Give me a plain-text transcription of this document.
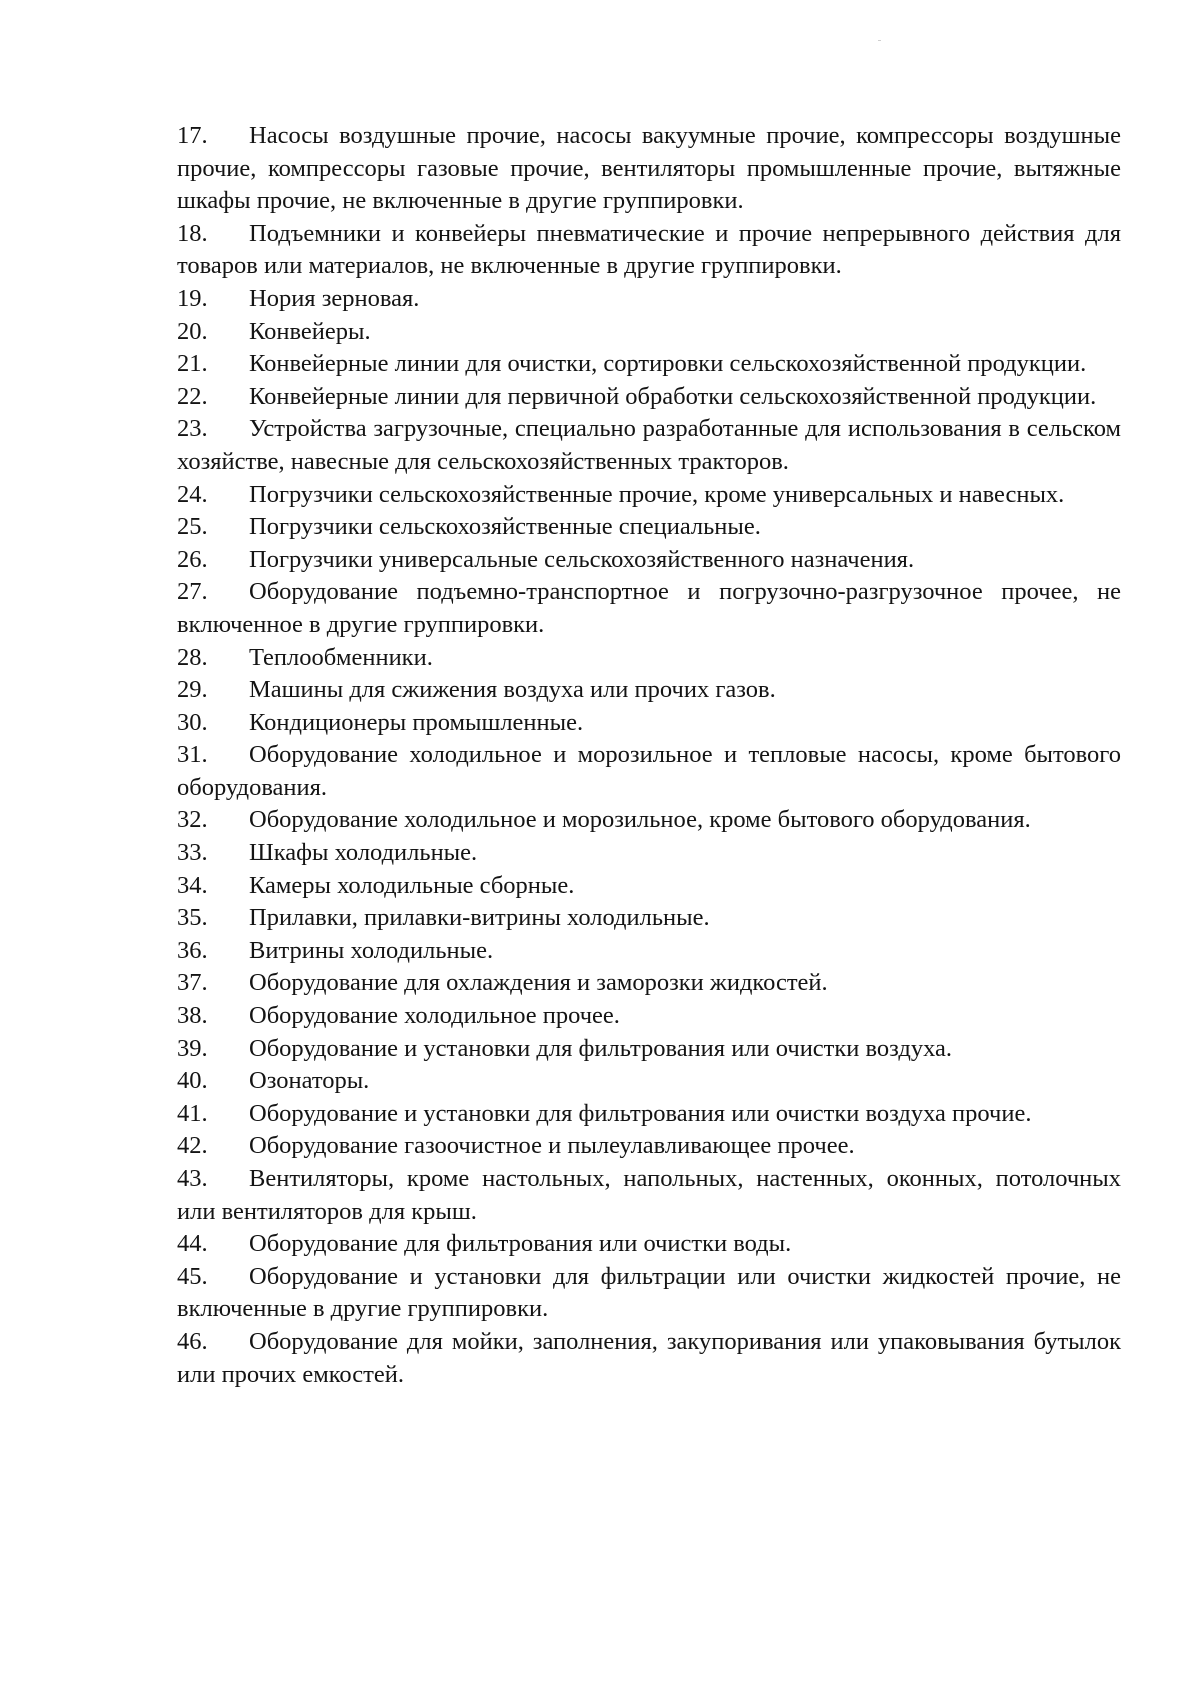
17. Насосы воздушные прочие, насосы вакуумные прочие, компрессоры воздушные прочие, компрессоры газовые прочие, вентиляторы промышленные прочие, вытяжные шкафы прочие, не включенные в другие группировки.

18. Подъемники и конвейеры пневматические и прочие непрерывного действия для товаров или материалов, не включенные в другие группировки.

19. Нория зерновая.

20. Конвейеры.

21. Конвейерные линии для очистки, сортировки сельскохозяйственной продукции.

22. Конвейерные линии для первичной обработки сельскохозяйственной продукции.

23. Устройства загрузочные, специально разработанные для использования в сельском хозяйстве, навесные для сельскохозяйственных тракторов.

24. Погрузчики сельскохозяйственные прочие, кроме универсальных и навесных.

25. Погрузчики сельскохозяйственные специальные.

26. Погрузчики универсальные сельскохозяйственного назначения.

27. Оборудование подъемно-транспортное и погрузочно-разгрузочное прочее, не включенное в другие группировки.

28. Теплообменники.

29. Машины для сжижения воздуха или прочих газов.

30. Кондиционеры промышленные.

31. Оборудование холодильное и морозильное и тепловые насосы, кроме бытового оборудования.

32. Оборудование холодильное и морозильное, кроме бытового оборудования.

33. Шкафы холодильные.

34. Камеры холодильные сборные.

35. Прилавки, прилавки-витрины холодильные.

36. Витрины холодильные.

37. Оборудование для охлаждения и заморозки жидкостей.

38. Оборудование холодильное прочее.

39. Оборудование и установки для фильтрования или очистки воздуха.

40. Озонаторы.

41. Оборудование и установки для фильтрования или очистки воздуха прочие.

42. Оборудование газоочистное и пылеулавливающее прочее.

43. Вентиляторы, кроме настольных, напольных, настенных, оконных, потолочных или вентиляторов для крыш.

44. Оборудование для фильтрования или очистки воды.

45. Оборудование и установки для фильтрации или очистки жидкостей прочие, не включенные в другие группировки.

46. Оборудование для мойки, заполнения, закупоривания или упаковывания бутылок или прочих емкостей.
